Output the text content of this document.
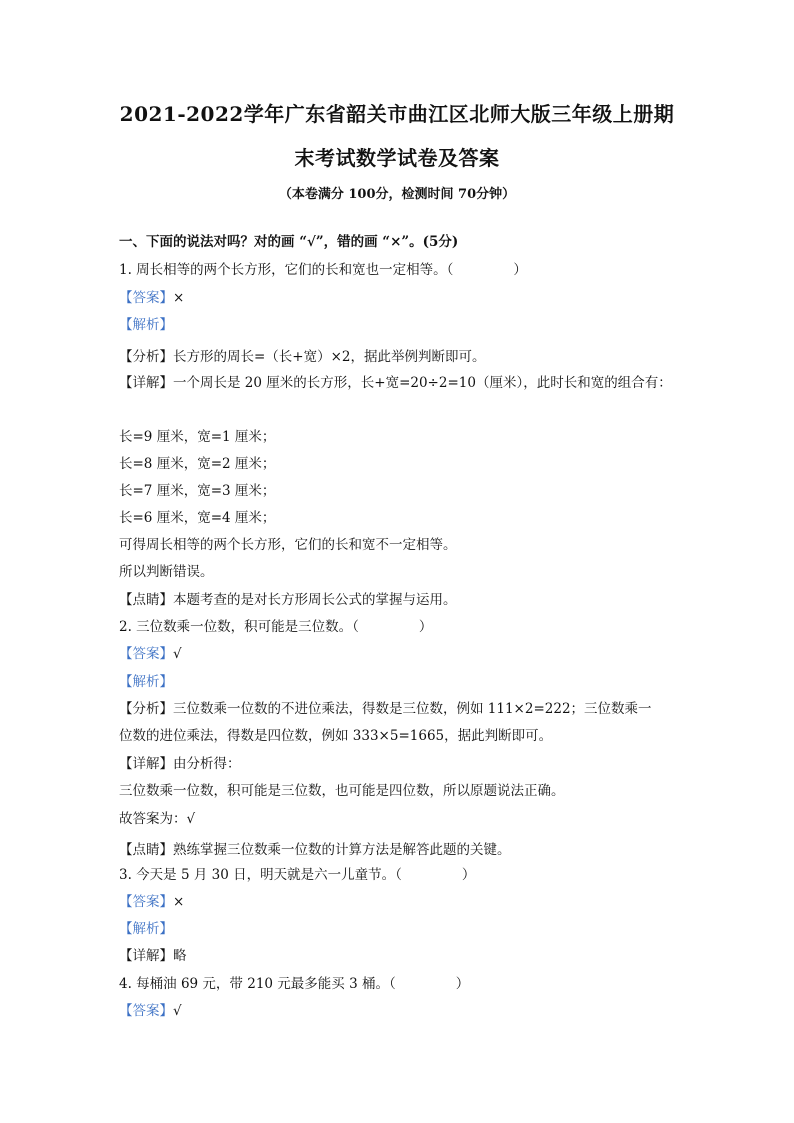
2021-2022学年广东省韶关市曲江区北师大版三年级上册期
末考试数学试卷及答案
（本卷满分 100分，检测时间 70分钟）
一、下面的说法对吗？对的画 “√”，错的画 “×”。(5分)
1. 周长相等的两个长方形，它们的长和宽也一定相等。（	）
【答案】×
【解析】
【分析】长方形的周长=（长+宽）×2，据此举例判断即可。
【详解】一个周长是 20 厘米的长方形，长+宽=20÷2=10（厘米），此时长和宽的组合有：
长=9 厘米，宽=1 厘米；
长=8 厘米，宽=2 厘米；
长=7 厘米，宽=3 厘米；
长=6 厘米，宽=4 厘米；
可得周长相等的两个长方形，它们的长和宽不一定相等。
所以判断错误。
【点睛】本题考查的是对长方形周长公式的掌握与运用。
2. 三位数乘一位数，积可能是三位数。（	）
【答案】√
【解析】
【分析】三位数乘一位数的不进位乘法，得数是三位数，例如 111×2=222；三位数乘一
位数的进位乘法，得数是四位数，例如 333×5=1665，据此判断即可。
【详解】由分析得：
三位数乘一位数，积可能是三位数，也可能是四位数，所以原题说法正确。
故答案为：√
【点睛】熟练掌握三位数乘一位数的计算方法是解答此题的关键。
3. 今天是 5 月 30 日，明天就是六一儿童节。（	）
【答案】×
【解析】
【详解】略
4. 每桶油 69 元，带 210 元最多能买 3 桶。（	）
【答案】√
